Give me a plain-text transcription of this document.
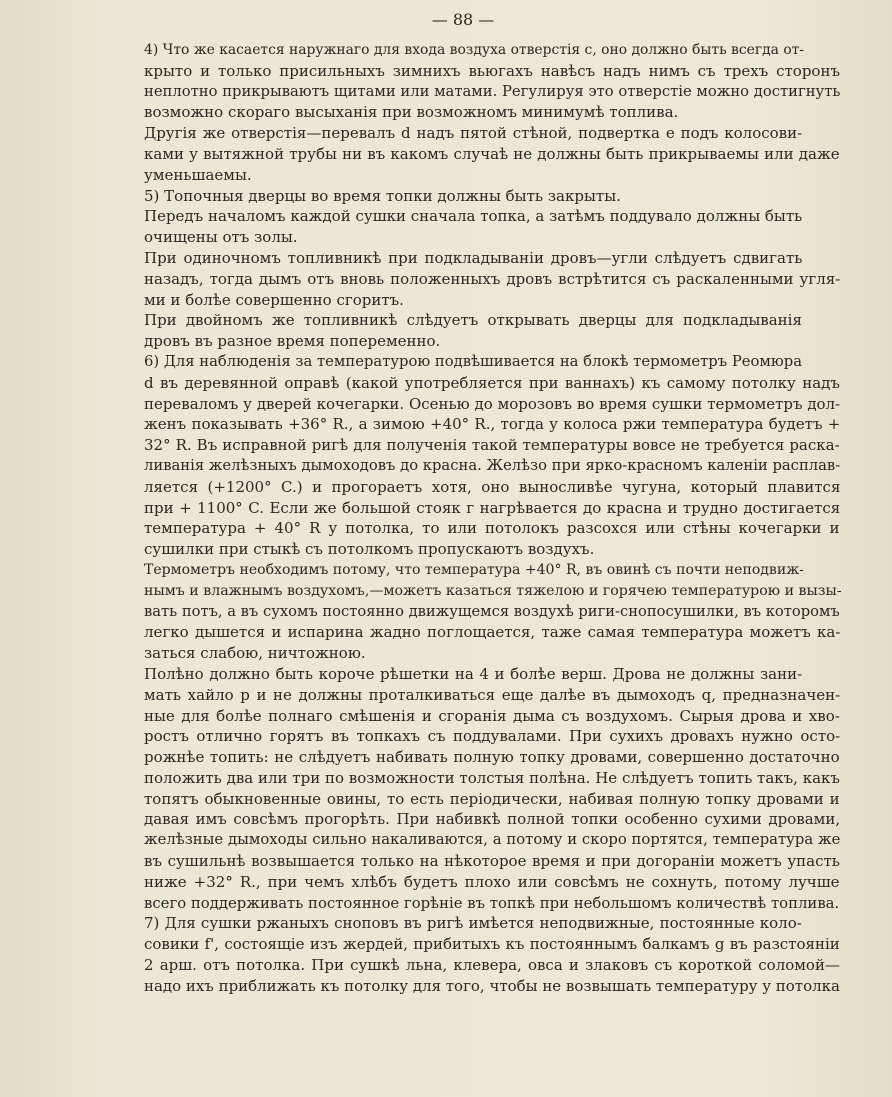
— 88 —

4) Что же касается наружнаго для входа воздуха отверстія с, оно должно быть всегда от-
крыто и только присильныхъ зимнихъ вьюгахъ навѣсъ надъ нимъ съ трехъ сторонъ
неплотно прикрываютъ щитами или матами. Регулируя это отверстіе можно достигнуть
возможно скораго высыханія при возможномъ минимумѣ топлива.

Другія же отверстія—перевалъ d надъ пятой стѣной, подвертка е подъ колосови-
ками у вытяжной трубы ни въ какомъ случаѣ не должны быть прикрываемы или даже
уменьшаемы.

5) Топочныя дверцы во время топки должны быть закрыты.

Передъ началомъ каждой сушки сначала топка, а затѣмъ поддувало должны быть
очищены отъ золы.

При одиночномъ топливникѣ при подкладываніи дровъ—угли слѣдуетъ сдвигать
назадъ, тогда дымъ отъ вновь положенныхъ дровъ встрѣтится съ раскаленными угля-
ми и болѣе совершенно сгоритъ.

При двойномъ же топливникѣ слѣдуетъ открывать дверцы для подкладыванія
дровъ въ разное время попеременно.

6) Для наблюденія за температурою подвѣшивается на блокѣ термометръ Реомюра
d въ деревянной оправѣ (какой употребляется при ваннахъ) къ самому потолку надъ
переваломъ у дверей кочегарки. Осенью до морозовъ во время сушки термометръ дол-
женъ показывать +36° R., а зимою +40° R., тогда у колоса ржи температура будетъ +
32° R. Въ исправной ригѣ для полученія такой температуры вовсе не требуется раска-
ливанія желѣзныхъ дымоходовъ до красна. Желѣзо при ярко-красномъ каленіи расплав-
ляется (+1200° C.) и прогораетъ хотя, оно выносливѣе чугуна, который плавится
при + 1100° C. Если же большой стояк г нагрѣвается до красна и трудно достигается
температура + 40° R у потолка, то или потолокъ разсохся или стѣны кочегарки и
сушилки при стыкѣ съ потолкомъ пропускаютъ воздухъ.

Термометръ необходимъ потому, что температура +40° R, въ овинѣ съ почти неподвиж-
нымъ и влажнымъ воздухомъ,—можетъ казаться тяжелою и горячею температурою и вызы-
вать потъ, а въ сухомъ постоянно движущемся воздухѣ риги-снопосушилки, въ которомъ
легко дышется и испарина жадно поглощается, таже самая температура можетъ ка-
заться слабою, ничтожною.

Полѣно должно быть короче рѣшетки на 4 и болѣе верш. Дрова не должны зани-
мать хайло р и не должны проталкиваться еще далѣе въ дымоходъ q, предназначен-
ные для болѣе полнаго смѣшенія и сгоранія дыма съ воздухомъ. Сырыя дрова и хво-
ростъ отлично горятъ въ топкахъ съ поддувалами. При сухихъ дровахъ нужно осто-
рожнѣе топить: не слѣдуетъ набивать полную топку дровами, совершенно достаточно
положить два или три по возможности толстыя полѣна. Не слѣдуетъ топить такъ, какъ
топятъ обыкновенные овины, то есть періодически, набивая полную топку дровами и
давая имъ совсѣмъ прогорѣть. При набивкѣ полной топки особенно сухими дровами,
желѣзные дымоходы сильно накаливаются, а потому и скоро портятся, температура же
въ сушильнѣ возвышается только на нѣкоторое время и при догораніи можетъ упасть
ниже +32° R., при чемъ хлѣбъ будетъ плохо или совсѣмъ не сохнуть, потому лучше
всего поддерживать постоянное горѣніе въ топкѣ при небольшомъ количествѣ топлива.

7) Для сушки ржаныхъ сноповъ въ ригѣ имѣется неподвижные, постоянные коло-
совики f', состоящіе изъ жердей, прибитыхъ къ постояннымъ балкамъ g въ разстояніи
2 арш. отъ потолка. При сушкѣ льна, клевера, овса и злаковъ съ короткой соломой—
надо ихъ приближать къ потолку для того, чтобы не возвышать температуру у потолка
